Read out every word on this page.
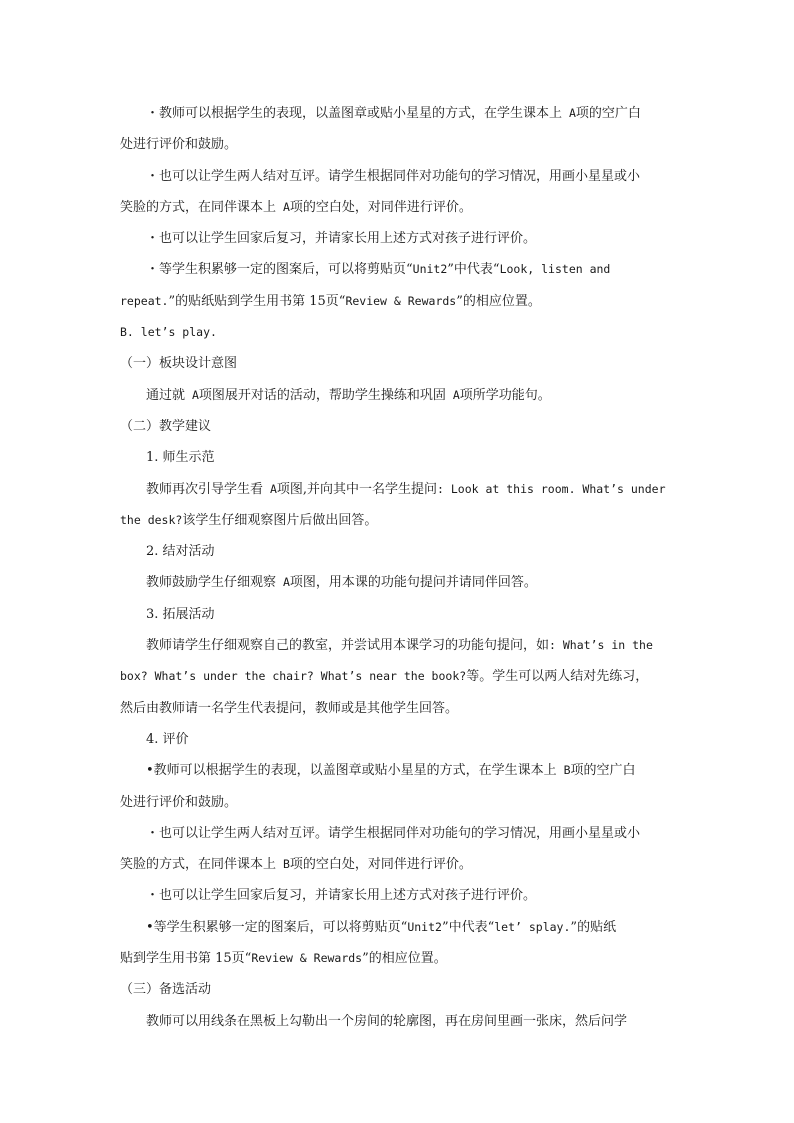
・教师可以根据学生的表现，以盖图章或贴小星星的方式，在学生课本上 A项的空广白
处进行评价和鼓励。
・也可以让学生两人结对互评。请学生根据同伴对功能句的学习情况，用画小星星或小
笑脸的方式，在同伴课本上 A项的空白处，对同伴进行评价。
・也可以让学生回家后复习，并请家长用上述方式对孩子进行评价。
・等学生积累够一定的图案后，可以将剪贴页“Unit2”中代表“Look, listen and
repeat.”的贴纸贴到学生用书第 15页“Review & Rewards”的相应位置。
B. let’s play.
（一）板块设计意图
通过就 A项图展开对话的活动，帮助学生操练和巩固 A项所学功能句。
（二）教学建议
1. 师生示范
教师再次引导学生看 A项图,并向其中一名学生提问: Look at this room. What’s under
the desk?该学生仔细观察图片后做出回答。
2. 结对活动
教师鼓励学生仔细观察 A项图，用本课的功能句提问并请同伴回答。
3. 拓展活动
教师请学生仔细观察自己的教室，并尝试用本课学习的功能句提问，如: What’s in the
box? What’s under the chair? What’s near the book?等。学生可以两人结对先练习，
然后由教师请一名学生代表提问，教师或是其他学生回答。
4. 评价
•教师可以根据学生的表现，以盖图章或贴小星星的方式，在学生课本上 B项的空广白
处进行评价和鼓励。
・也可以让学生两人结对互评。请学生根据同伴对功能句的学习情况，用画小星星或小
笑脸的方式，在同伴课本上 B项的空白处，对同伴进行评价。
・也可以让学生回家后复习，并请家长用上述方式对孩子进行评价。
•等学生积累够一定的图案后，可以将剪贴页“Unit2”中代表“let’ splay.”的贴纸
贴到学生用书第 15页“Review & Rewards”的相应位置。
（三）备选活动
教师可以用线条在黑板上勾勒出一个房间的轮廓图，再在房间里画一张床，然后问学
